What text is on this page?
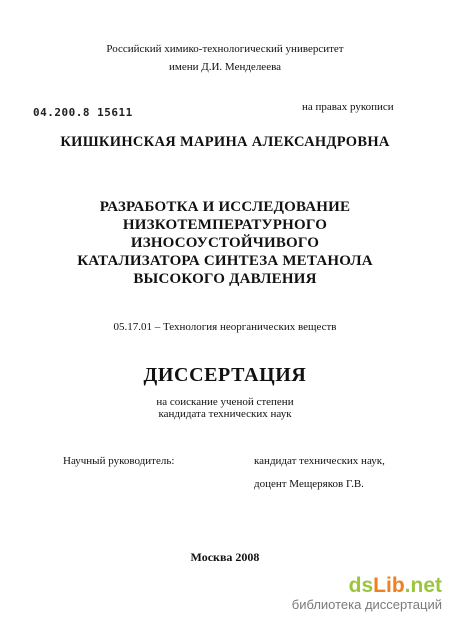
Российский химико-технологический университет
имени Д.И. Менделеева
04.200.8 15611	на правах рукописи
КИШКИНСКАЯ МАРИНА АЛЕКСАНДРОВНА
РАЗРАБОТКА И ИССЛЕДОВАНИЕ
НИЗКОТЕМПЕРАТУРНОГО
ИЗНОСОУСТОЙЧИВОГО
КАТАЛИЗАТОРА СИНТЕЗА МЕТАНОЛА
ВЫСОКОГО ДАВЛЕНИЯ
05.17.01 – Технология неорганических веществ
ДИССЕРТАЦИЯ
на соискание ученой степени
кандидата технических наук
Научный руководитель:	кандидат технических наук,
доцент Мещеряков Г.В.
Москва 2008
dsLib.net
библиотека диссертаций
